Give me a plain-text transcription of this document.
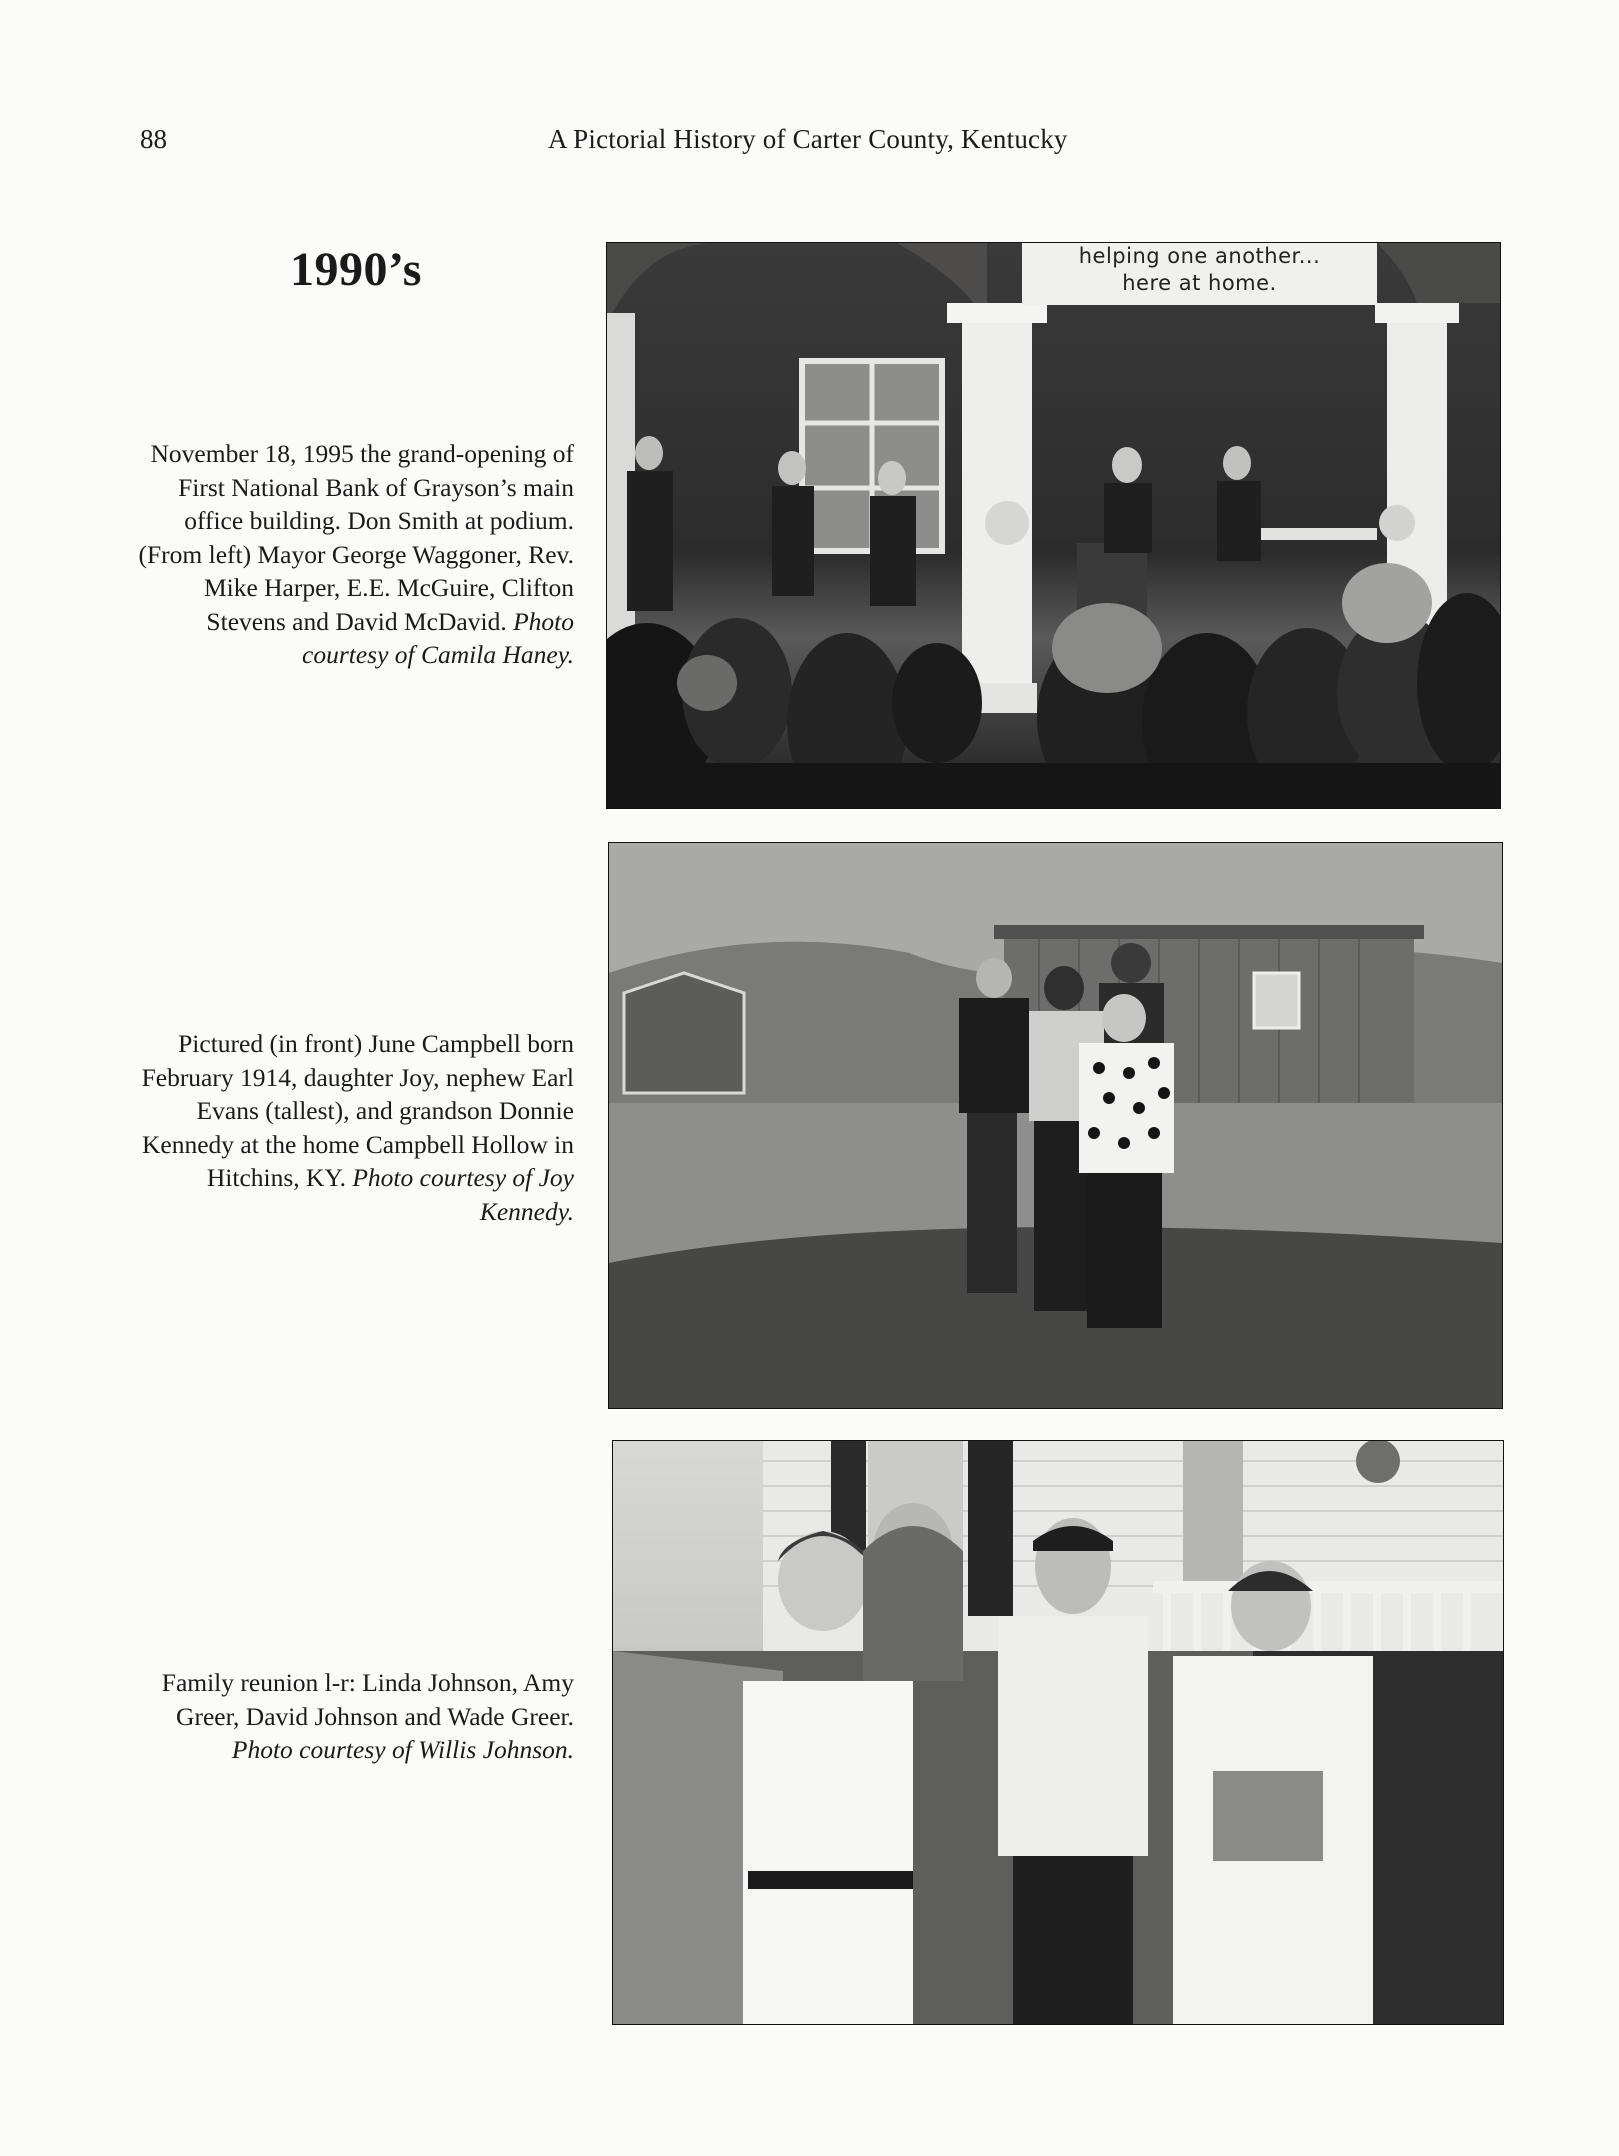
88	A Pictorial History of Carter County, Kentucky
1990’s
November 18, 1995 the grand-opening of First National Bank of Grayson’s main office building. Don Smith at podium. (From left) Mayor George Waggoner, Rev. Mike Harper, E.E. McGuire, Clifton Stevens and David McDavid. Photo courtesy of Camila Haney.
helping one another...
here at home.
Pictured (in front) June Campbell born February 1914, daughter Joy, nephew Earl Evans (tallest), and grandson Donnie Kennedy at the home Campbell Hollow in Hitchins, KY. Photo courtesy of Joy Kennedy.
Family reunion l-r: Linda Johnson, Amy Greer, David Johnson and Wade Greer. Photo courtesy of Willis Johnson.
